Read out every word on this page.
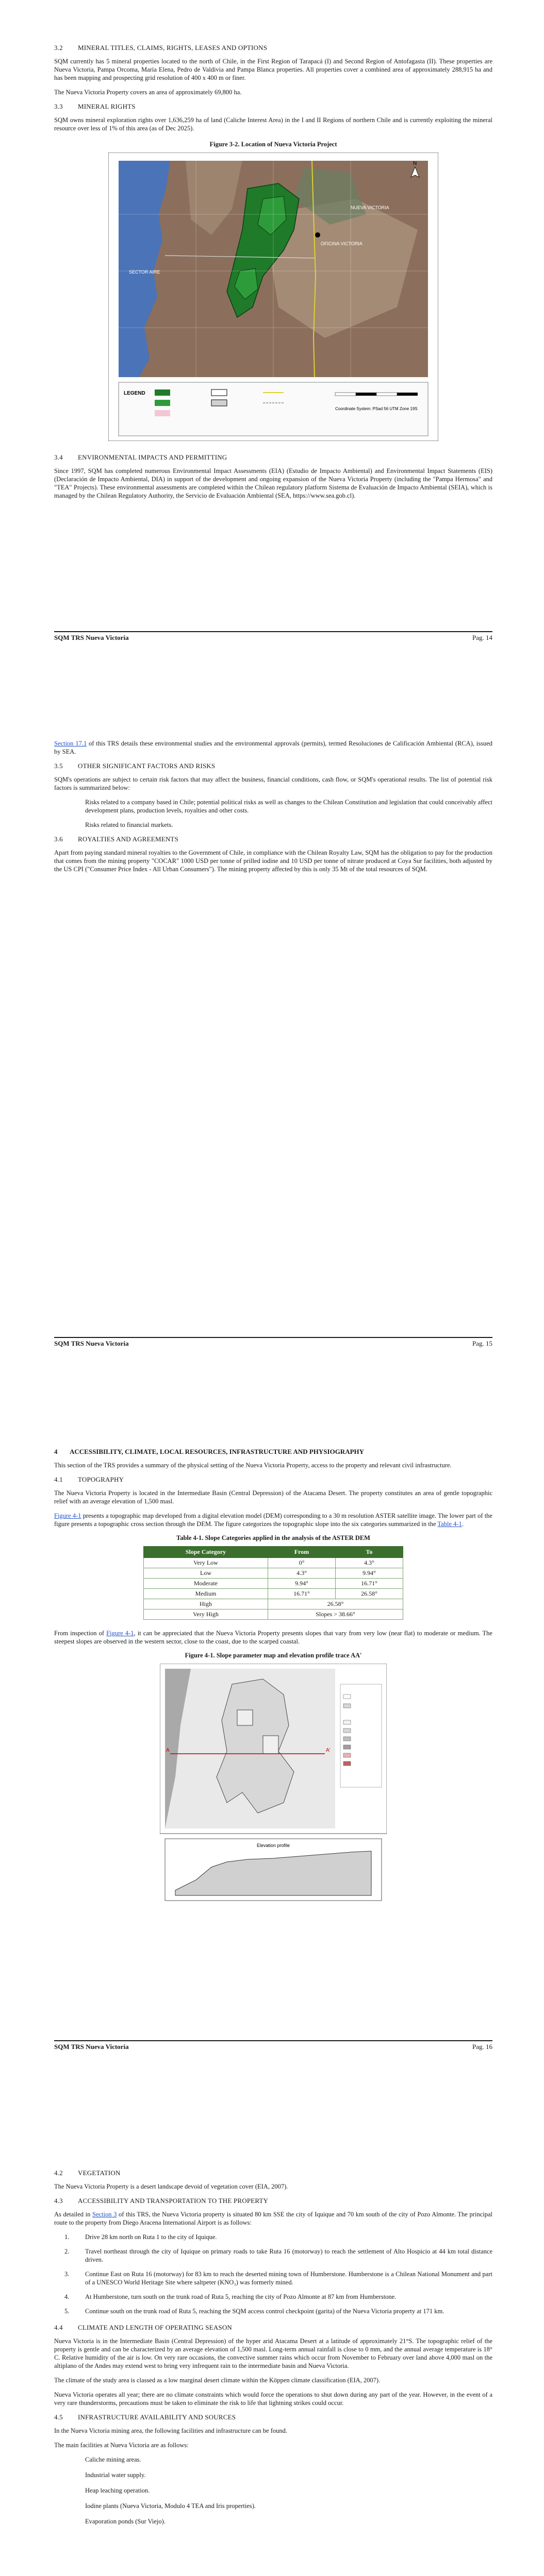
3.2 MINERAL TITLES, CLAIMS, RIGHTS, LEASES AND OPTIONS

SQM currently has 5 mineral properties located to the north of Chile, in the First Region of Tarapacá (I) and Second Region of Antofagasta (II). These properties are Nueva Victoria, Pampa Orcoma, María Elena, Pedro de Valdivia and Pampa Blanca properties. All properties cover a combined area of approximately 288,915 ha and has been mapping and prospecting grid resolution of 400 x 400 m or finer.

The Nueva Victoria Property covers an area of approximately 69,800 ha.

3.3 MINERAL RIGHTS

SQM owns mineral exploration rights over 1,636,259 ha of land (Caliche Interest Area) in the I and II Regions of northern Chile and is currently exploiting the mineral resource over less of 1% of this area (as of Dec 2025).

Figure 3-2. Location of Nueva Victoria Project
OFICINA VICTORIA
NUEVA VICTORIA
SECTOR AIRE
N
LEGEND
Coordinate System: PSad 56 UTM Zone 19S
3.4 ENVIRONMENTAL IMPACTS AND PERMITTING

Since 1997, SQM has completed numerous Environmental Impact Assessments (EIA) (Estudio de Impacto Ambiental) and Environmental Impact Statements (EIS) (Declaración de Impacto Ambiental, DIA) in support of the development and ongoing expansion of the Nueva Victoria Property (including the "Pampa Hermosa" and "TEA" Projects). These environmental assessments are completed within the Chilean regulatory platform Sistema de Evaluación de Impacto Ambiental (SEIA), which is managed by the Chilean Regulatory Authority, the Servicio de Evaluación Ambiental (SEA, https://www.sea.gob.cl).

SQM TRS Nueva Victoria	Pag. 14

Section 17.1 of this TRS details these environmental studies and the environmental approvals (permits), termed Resoluciones de Calificación Ambiental (RCA), issued by SEA.

3.5 OTHER SIGNIFICANT FACTORS AND RISKS

SQM's operations are subject to certain risk factors that may affect the business, financial conditions, cash flow, or SQM's operational results. The list of potential risk factors is summarized below:

Risks related to a company based in Chile; potential political risks as well as changes to the Chilean Constitution and legislation that could conceivably affect development plans, production levels, royalties and other costs.

Risks related to financial markets.

3.6 ROYALTIES AND AGREEMENTS

Apart from paying standard mineral royalties to the Government of Chile, in compliance with the Chilean Royalty Law, SQM has the obligation to pay for the production that comes from the mining property "COCAR" 1000 USD per tonne of prilled iodine and 10 USD per tonne of nitrate produced at Coya Sur facilities, both adjusted by the US CPI ("Consumer Price Index - All Urban Consumers"). The mining property affected by this is only 35 Mt of the total resources of SQM.

SQM TRS Nueva Victoria	Pag. 15
4 ACCESSIBILITY, CLIMATE, LOCAL RESOURCES, INFRASTRUCTURE AND PHYSIOGRAPHY

This section of the TRS provides a summary of the physical setting of the Nueva Victoria Property, access to the property and relevant civil infrastructure.

4.1 TOPOGRAPHY

The Nueva Victoria Property is located in the Intermediate Basin (Central Depression) of the Atacama Desert. The property constitutes an area of gentle topographic relief with an average elevation of 1,500 masl.

Figure 4-1 presents a topographic map developed from a digital elevation model (DEM) corresponding to a 30 m resolution ASTER satellite image. The lower part of the figure presents a topographic cross section through the DEM. The figure categorizes the topographic slope into the six categories summarized in the Table 4-1.

Table 4-1. Slope Categories applied in the analysis of the ASTER DEM
Slope Category	From	To
Very Low	0°	4.3°
Low	4.3°	9.94°
Moderate	9.94°	16.71°
Medium	16.71°	26.58°
High	26.58°	
Very High	Slopes > 38.66°	

From inspection of Figure 4-1, it can be appreciated that the Nueva Victoria Property presents slopes that vary from very low (near flat) to moderate or medium. The steepest slopes are observed in the western sector, close to the coast, due to the scarped coastal.

Figure 4-1. Slope parameter map and elevation profile trace AA'
A	A'
Elevation profile
SQM TRS Nueva Victoria	Pag. 16
4.2 VEGETATION

The Nueva Victoria Property is a desert landscape devoid of vegetation cover (EIA, 2007).

4.3 ACCESSIBILITY AND TRANSPORTATION TO THE PROPERTY

As detailed in Section 3 of this TRS, the Nueva Victoria property is situated 80 km SSE the city of Iquique and 70 km south of the city of Pozo Almonte. The principal route to the property from Diego Aracena International Airport is as follows:

1.	Drive 28 km north on Ruta 1 to the city of Iquique.
2.	Travel northeast through the city of Iquique on primary roads to take Ruta 16 (motorway) to reach the settlement of Alto Hospicio at 44 km total distance driven.
3.	Continue East on Ruta 16 (motorway) for 83 km to reach the deserted mining town of Humberstone. Humberstone is a Chilean National Monument and part of a UNESCO World Heritage Site where saltpeter (KNO₃) was formerly mined.
4.	At Humberstone, turn south on the trunk road of Ruta 5, reaching the city of Pozo Almonte at 87 km from Humberstone.
5.	Continue south on the trunk road of Ruta 5, reaching the SQM access control checkpoint (garita) of the Nueva Victoria property at 171 km.
4.4 CLIMATE AND LENGTH OF OPERATING SEASON

Nueva Victoria is in the Intermediate Basin (Central Depression) of the hyper arid Atacama Desert at a latitude of approximately 21°S. The topographic relief of the property is gentle and can be characterized by an average elevation of 1,500 masl. Long-term annual rainfall is close to 0 mm, and the annual average temperature is 18° C. Relative humidity of the air is low. On very rare occasions, the convective summer rains which occur from November to February over land above 4,000 masl on the altiplano of the Andes may extend west to bring very infrequent rain to the intermediate basin and Nueva Victoria.

The climate of the study area is classed as a low marginal desert climate within the Köppen climate classification (EIA, 2007).

Nueva Victoria operates all year; there are no climate constraints which would force the operations to shut down during any part of the year. However, in the event of a very rare thunderstorms, precautions must be taken to eliminate the risk to life that lightning strikes could occur.

4.5 INFRASTRUCTURE AVAILABILITY AND SOURCES

In the Nueva Victoria mining area, the following facilities and infrastructure can be found.

The main facilities at Nueva Victoria are as follows:

Caliche mining areas.
Industrial water supply.
Heap leaching operation.
Iodine plants (Nueva Victoria, Modulo 4 TEA and Iris properties).
Evaporation ponds (Sur Viejo).
